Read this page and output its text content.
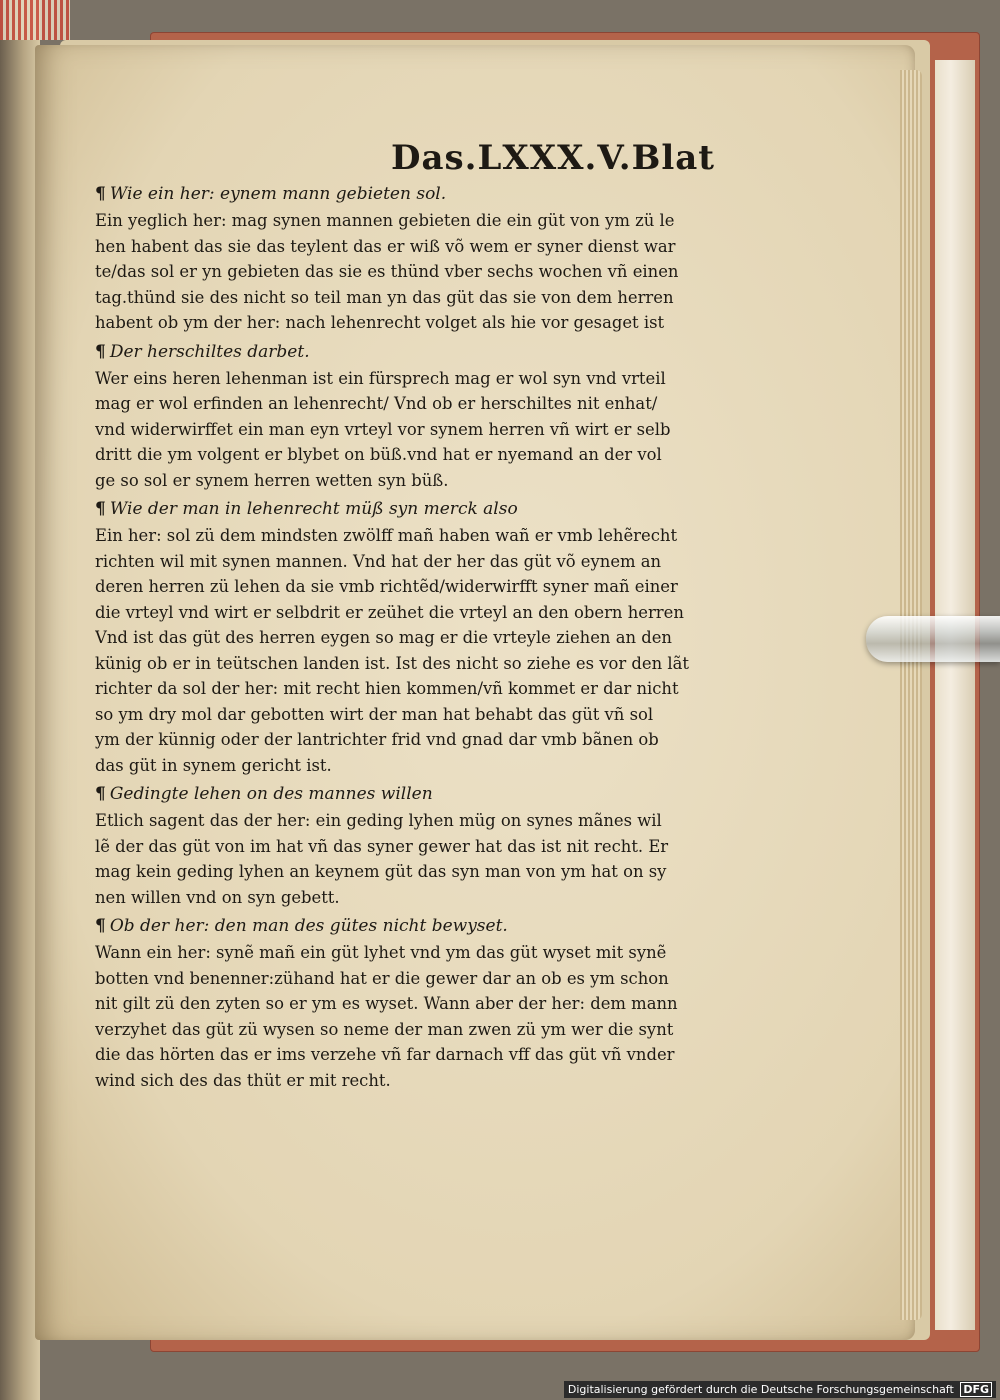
Das.LXXX.V.Blat
¶ Wie ein her: eynem mann gebieten sol.

Ein yeglich her: mag synen mannen gebieten die ein güt von ym zü le

hen habent das sie das teylent das er wiß võ wem er syner dienst war

te/das sol er yn gebieten das sie es thünd vber sechs wochen vñ einen

tag.thünd sie des nicht so teil man yn das güt das sie von dem herren

habent ob ym der her: nach lehenrecht volget als hie vor gesaget ist

¶ Der herschiltes darbet.

Wer eins heren lehenman ist ein fürsprech mag er wol syn vnd vrteil

mag er wol erfinden an lehenrecht/ Vnd ob er herschiltes nit enhat/

vnd widerwirffet ein man eyn vrteyl vor synem herren vñ wirt er selb

dritt die ym volgent er blybet on büß.vnd hat er nyemand an der vol

ge so sol er synem herren wetten syn büß.

¶ Wie der man in lehenrecht müß syn merck also

Ein her: sol zü dem mindsten zwölff mañ haben wañ er vmb lehẽrecht

richten wil mit synen mannen. Vnd hat der her das güt võ eynem an

deren herren zü lehen da sie vmb richtẽd/widerwirfft syner mañ einer

die vrteyl vnd wirt er selbdrit er zeühet die vrteyl an den obern herren

Vnd ist das güt des herren eygen so mag er die vrteyle ziehen an den

künig ob er in teütschen landen ist. Ist des nicht so ziehe es vor den lãt

richter da sol der her: mit recht hien kommen/vñ kommet er dar nicht

so ym dry mol dar gebotten wirt der man hat behabt das güt vñ sol

ym der künnig oder der lantrichter frid vnd gnad dar vmb bãnen ob

das güt in synem gericht ist.

¶ Gedingte lehen on des mannes willen

Etlich sagent das der her: ein geding lyhen müg on synes mãnes wil

lẽ der das güt von im hat vñ das syner gewer hat das ist nit recht. Er

mag kein geding lyhen an keynem güt das syn man von ym hat on sy

nen willen vnd on syn gebett.

¶ Ob der her: den man des gütes nicht bewyset.

Wann ein her: synẽ mañ ein güt lyhet vnd ym das güt wyset mit synẽ

botten vnd benenner:zühand hat er die gewer dar an ob es ym schon

nit gilt zü den zyten so er ym es wyset. Wann aber der her: dem mann

verzyhet das güt zü wysen so neme der man zwen zü ym wer die synt

die das hörten das er ims verzehe vñ far darnach vff das güt vñ vnder

wind sich des das thüt er mit recht.

Digitalisierung gefördert durch die Deutsche Forschungsgemeinschaft DFG
